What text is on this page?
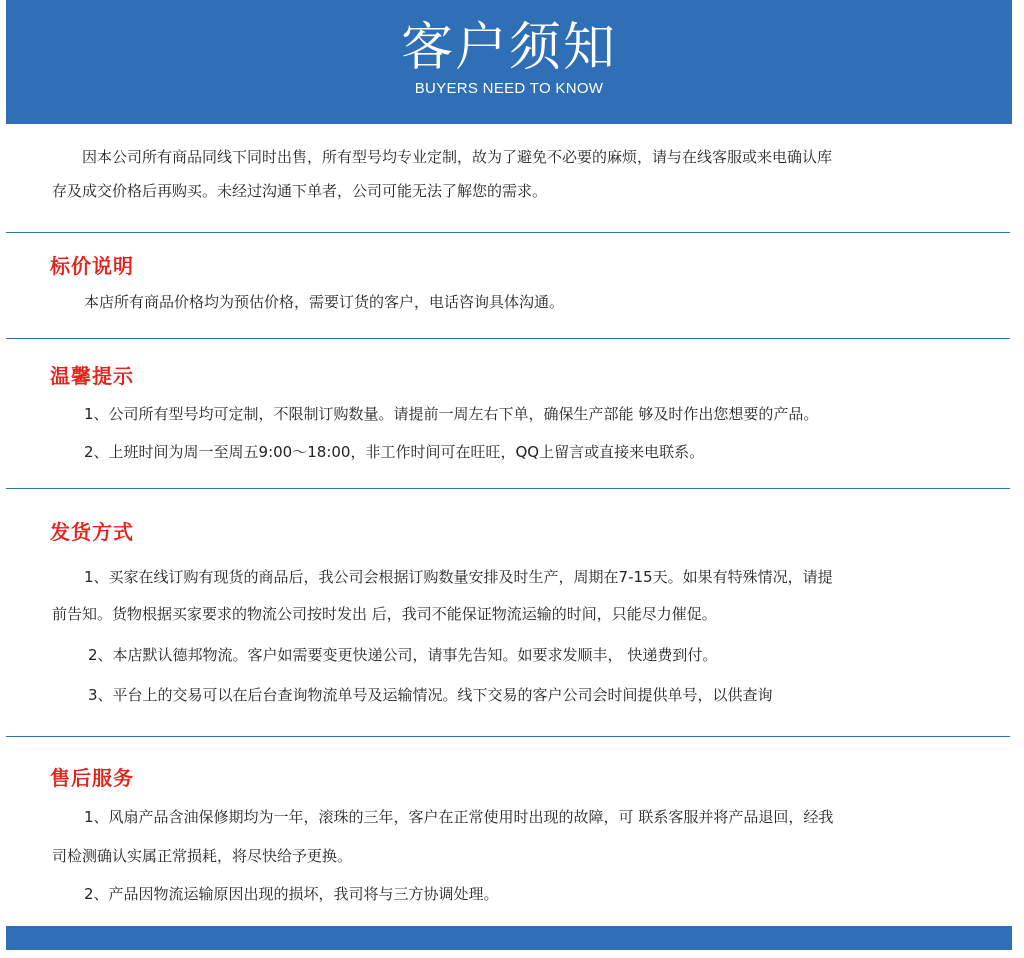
客户须知
BUYERS NEED TO KNOW
因本公司所有商品同线下同时出售，所有型号均专业定制，故为了避免不必要的麻烦，请与在线客服或来电确认库
存及成交价格后再购买。未经过沟通下单者，公司可能无法了解您的需求。
标价说明
本店所有商品价格均为预估价格，需要订货的客户，电话咨询具体沟通。
温馨提示
1、公司所有型号均可定制，不限制订购数量。请提前一周左右下单，确保生产部能 够及时作出您想要的产品。
2、上班时间为周一至周五9:00～18:00，非工作时间可在旺旺，QQ上留言或直接来电联系。
发货方式
1、买家在线订购有现货的商品后，我公司会根据订购数量安排及时生产，周期在7-15天。如果有特殊情况，请提
前告知。货物根据买家要求的物流公司按时发出 后，我司不能保证物流运输的时间，只能尽力催促。
2、本店默认德邦物流。客户如需要变更快递公司，请事先告知。如要求发顺丰， 快递费到付。
3、平台上的交易可以在后台查询物流单号及运输情况。线下交易的客户公司会时间提供单号，以供查询
售后服务
1、风扇产品含油保修期均为一年，滚珠的三年，客户在正常使用时出现的故障，可 联系客服并将产品退回，经我
司检测确认实属正常损耗，将尽快给予更换。
2、产品因物流运输原因出现的损坏，我司将与三方协调处理。
